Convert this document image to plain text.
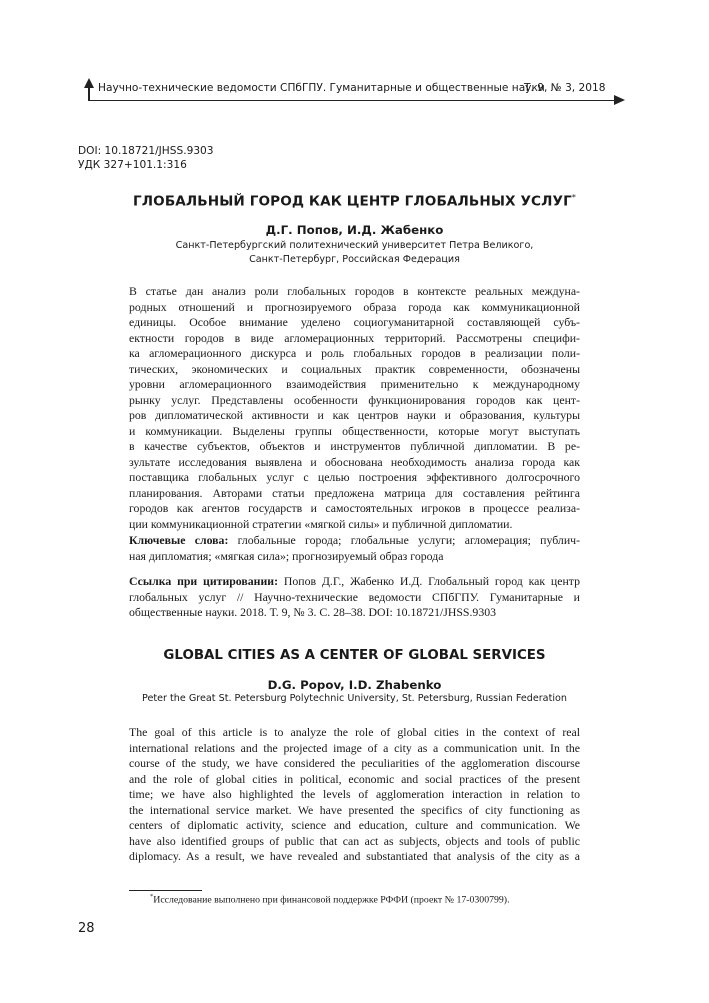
Научно-технические ведомости СПбГПУ. Гуманитарные и общественные науки
Т. 9, № 3, 2018
DOI: 10.18721/JHSS.9303
УДК 327+101.1:316
ГЛОБАЛЬНЫЙ ГОРОД КАК ЦЕНТР ГЛОБАЛЬНЫХ УСЛУГ*
Д.Г. Попов, И.Д. Жабенко
Санкт-Петербургский политехнический университет Петра Великого,
Санкт-Петербург, Российская Федерация
В статье дан анализ роли глобальных городов в контексте реальных междуна-
родных отношений и прогнозируемого образа города как коммуникационной
единицы. Особое внимание уделено социогуманитарной составляющей субъ-
ектности городов в виде агломерационных территорий. Рассмотрены специфи-
ка агломерационного дискурса и роль глобальных городов в реализации поли-
тических, экономических и социальных практик современности, обозначены
уровни агломерационного взаимодействия применительно к международному
рынку услуг. Представлены особенности функционирования городов как цент-
ров дипломатической активности и как центров науки и образования, культуры
и коммуникации. Выделены группы общественности, которые могут выступать
в качестве субъектов, объектов и инструментов публичной дипломатии. В ре-
зультате исследования выявлена и обоснована необходимость анализа города как
поставщика глобальных услуг с целью построения эффективного долгосрочного
планирования. Авторами статьи предложена матрица для составления рейтинга
городов как агентов государств и самостоятельных игроков в процессе реализа-
ции коммуникационной стратегии «мягкой силы» и публичной дипломатии.
Ключевые слова: глобальные города; глобальные услуги; агломерация; публич-
ная дипломатия; «мягкая сила»; прогнозируемый образ города
Ссылка при цитировании: Попов Д.Г., Жабенко И.Д. Глобальный город как центр
глобальных услуг // Научно-технические ведомости СПбГПУ. Гуманитарные и
общественные науки. 2018. Т. 9, № 3. С. 28–38. DOI: 10.18721/JHSS.9303
GLOBAL CITIES AS A CENTER OF GLOBAL SERVICES
D.G. Popov, I.D. Zhabenko
Peter the Great St. Petersburg Polytechnic University, St. Petersburg, Russian Federation
The goal of this article is to analyze the role of global cities in the context of real
international relations and the projected image of a city as a communication unit. In the
course of the study, we have considered the peculiarities of the agglomeration discourse
and the role of global cities in political, economic and social practices of the present
time; we have also highlighted the levels of agglomeration interaction in relation to
the international service market. We have presented the specifics of city functioning as
centers of diplomatic activity, science and education, culture and communication. We
have also identified groups of public that can act as subjects, objects and tools of public
diplomacy. As a result, we have revealed and substantiated that analysis of the city as a
*Исследование выполнено при финансовой поддержке РФФИ (проект № 17-0300799).
28
